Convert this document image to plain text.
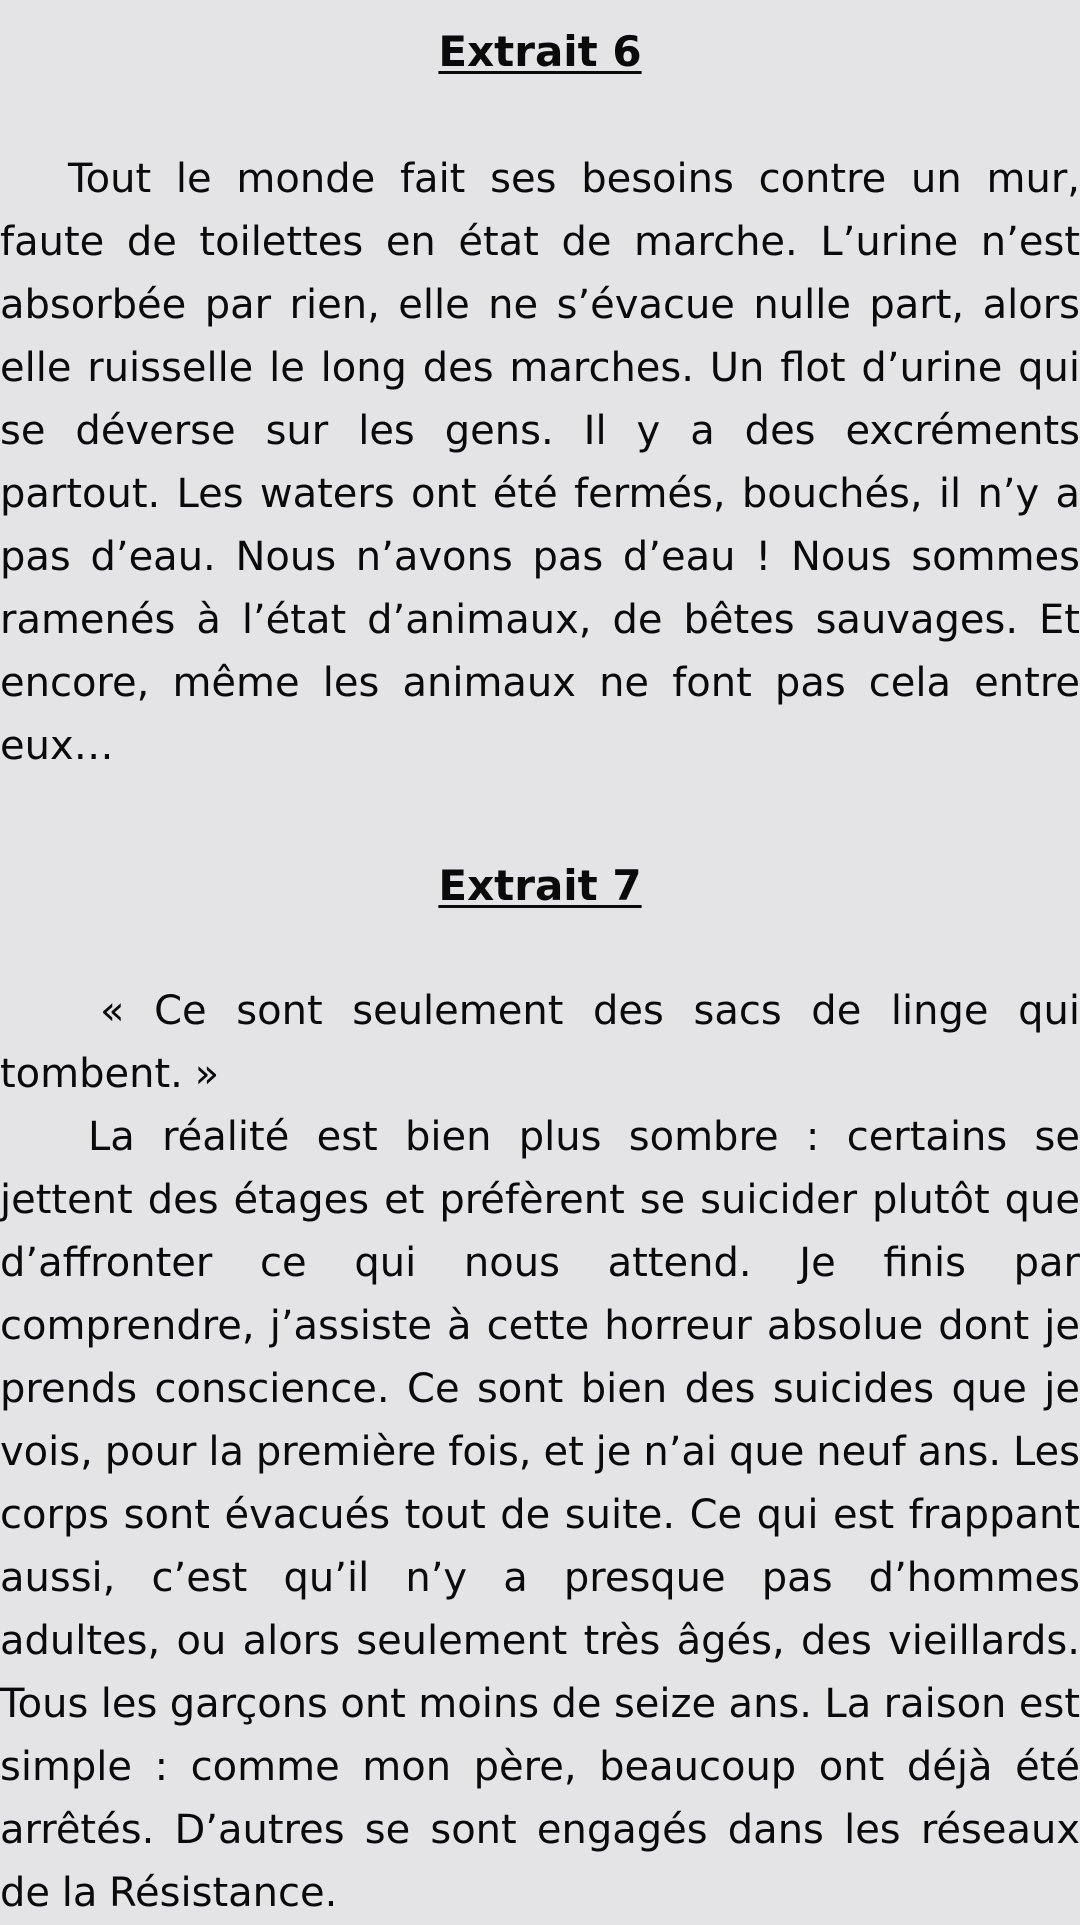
Extrait 6

Tout le monde fait ses besoins contre un mur, faute de toilettes en état de marche. L’urine n’est absorbée par rien, elle ne s’évacue nulle part, alors elle ruisselle le long des marches. Un flot d’urine qui se déverse sur les gens. Il y a des excréments partout. Les waters ont été fermés, bouchés, il n’y a pas d’eau. Nous n’avons pas d’eau ! Nous sommes ramenés à l’état d’animaux, de bêtes sauvages. Et encore, même les animaux ne font pas cela entre eux…

Extrait 7

« Ce sont seulement des sacs de linge qui tombent. »

La réalité est bien plus sombre : certains se jettent des étages et préfèrent se suicider plutôt que d’affronter ce qui nous attend. Je finis par comprendre, j’assiste à cette horreur absolue dont je prends conscience. Ce sont bien des suicides que je vois, pour la première fois, et je n’ai que neuf ans. Les corps sont évacués tout de suite. Ce qui est frappant aussi, c’est qu’il n’y a presque pas d’hommes adultes, ou alors seulement très âgés, des vieillards. Tous les garçons ont moins de seize ans. La raison est simple : comme mon père, beaucoup ont déjà été arrêtés. D’autres se sont engagés dans les réseaux de la Résistance.
